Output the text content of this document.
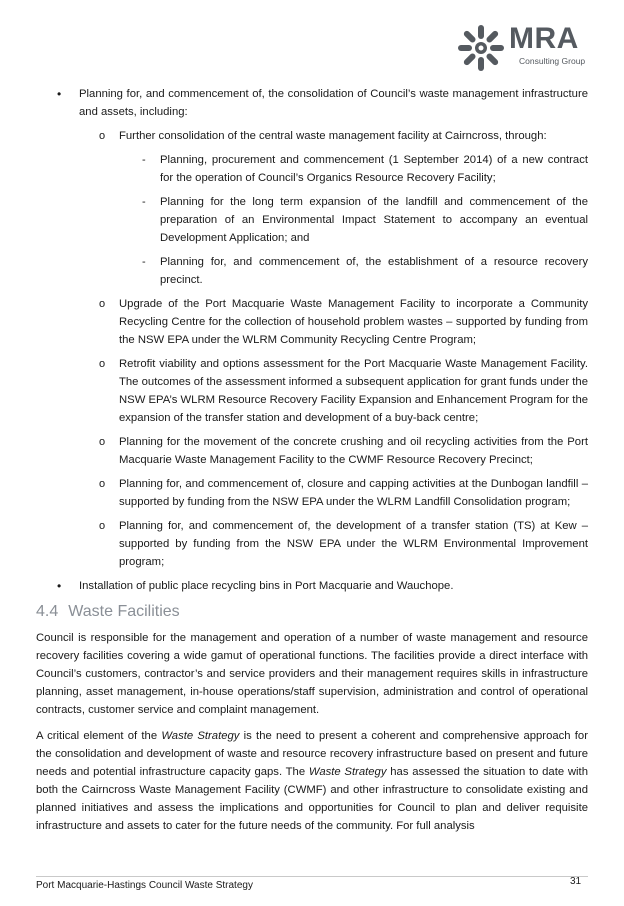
MRA
Consulting Group
• Planning for, and commencement of, the consolidation of Council’s waste management infrastructure and assets, including:

o Further consolidation of the central waste management facility at Cairncross, through:

- Planning, procurement and commencement (1 September 2014) of a new contract for the operation of Council’s Organics Resource Recovery Facility;

- Planning for the long term expansion of the landfill and commencement of the preparation of an Environmental Impact Statement to accompany an eventual Development Application; and

- Planning for, and commencement of, the establishment of a resource recovery precinct.

o Upgrade of the Port Macquarie Waste Management Facility to incorporate a Community Recycling Centre for the collection of household problem wastes – supported by funding from the NSW EPA under the WLRM Community Recycling Centre Program;

o Retrofit viability and options assessment for the Port Macquarie Waste Management Facility. The outcomes of the assessment informed a subsequent application for grant funds under the NSW EPA’s WLRM Resource Recovery Facility Expansion and Enhancement Program for the expansion of the transfer station and development of a buy-back centre;

o Planning for the movement of the concrete crushing and oil recycling activities from the Port Macquarie Waste Management Facility to the CWMF Resource Recovery Precinct;

o Planning for, and commencement of, closure and capping activities at the Dunbogan landfill – supported by funding from the NSW EPA under the WLRM Landfill Consolidation program;

o Planning for, and commencement of, the development of a transfer station (TS) at Kew – supported by funding from the NSW EPA under the WLRM Environmental Improvement program;

• Installation of public place recycling bins in Port Macquarie and Wauchope.

4.4 Waste Facilities

Council is responsible for the management and operation of a number of waste management and resource recovery facilities covering a wide gamut of operational functions. The facilities provide a direct interface with Council’s customers, contractor’s and service providers and their management requires skills in infrastructure planning, asset management, in-house operations/staff supervision, administration and control of operational contracts, customer service and complaint management.

A critical element of the Waste Strategy is the need to present a coherent and comprehensive approach for the consolidation and development of waste and resource recovery infrastructure based on present and future needs and potential infrastructure capacity gaps. The Waste Strategy has assessed the situation to date with both the Cairncross Waste Management Facility (CWMF) and other infrastructure to consolidate existing and planned initiatives and assess the implications and opportunities for Council to plan and deliver requisite infrastructure and assets to cater for the future needs of the community. For full analysis

Port Macquarie-Hastings Council Waste Strategy	31
